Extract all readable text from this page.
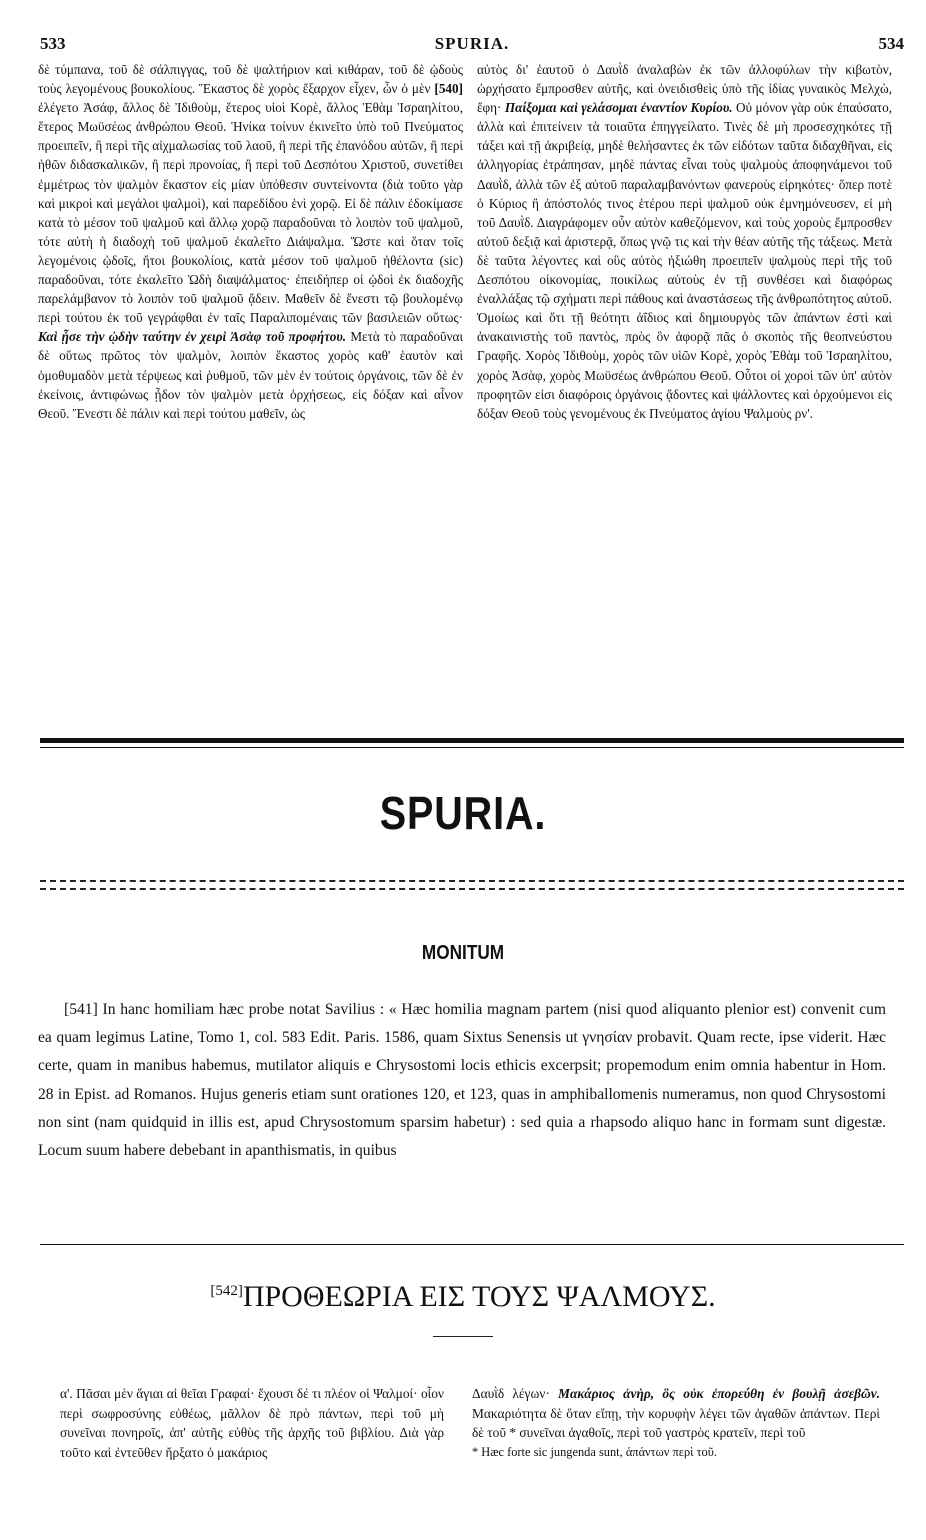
533	SPURIA.	534

δὲ τύμπανα, τοῦ δὲ σάλπιγγας, τοῦ δὲ ψαλτήριον καὶ κιθάραν, τοῦ δὲ ᾠδοὺς τοὺς λεγομένους βουκολίους. Ἕκαστος δὲ χορὸς ἔξαρχον εἶχεν, ὧν ὁ μὲν [540] ἐλέγετο Ἀσάφ, ἄλλος δὲ Ἰδιθοὺμ, ἕτερος υἱοὶ Κορὲ, ἄλλος Ἐθὰμ Ἰσραηλίτου, ἕτερος Μωϋσέως ἀνθρώπου Θεοῦ. Ἡνίκα τοίνυν ἐκινεῖτο ὑπὸ τοῦ Πνεύματος προειπεῖν, ἢ περὶ τῆς αἰχμαλωσίας τοῦ λαοῦ, ἢ περὶ τῆς ἐπανόδου αὐτῶν, ἢ περὶ ἠθῶν διδασκαλικῶν, ἢ περὶ προνοίας, ἢ περὶ τοῦ Δεσπότου Χριστοῦ, συνετίθει ἐμμέτρως τὸν ψαλμὸν ἕκαστον εἰς μίαν ὑπόθεσιν συντείνοντα (διὰ τοῦτο γὰρ καὶ μικροὶ καὶ μεγάλοι ψαλμοὶ), καὶ παρεδίδου ἑνὶ χορῷ. Εἰ δὲ πάλιν ἐδοκίμασε κατὰ τὸ μέσον τοῦ ψαλμοῦ καὶ ἄλλῳ χορῷ παραδοῦναι τὸ λοιπὸν τοῦ ψαλμοῦ, τότε αὐτὴ ἡ διαδοχὴ τοῦ ψαλμοῦ ἐκαλεῖτο Διάψαλμα. Ὥστε καὶ ὅταν τοῖς λεγομένοις ᾠδοῖς, ἤτοι βουκολίοις, κατὰ μέσον τοῦ ψαλμοῦ ἠθέλοντα (sic) παραδοῦναι, τότε ἐκαλεῖτο Ὠδὴ διαψάλματος· ἐπειδήπερ οἱ ᾠδοὶ ἐκ διαδοχῆς παρελάμβανον τὸ λοιπὸν τοῦ ψαλμοῦ ᾄδειν. Μαθεῖν δὲ ἔνεστι τῷ βουλομένῳ περὶ τούτου ἐκ τοῦ γεγράφθαι ἐν ταῖς Παραλιπομέναις τῶν βασιλειῶν οὕτως· Καὶ ᾖσε τὴν ᾠδὴν ταύτην ἐν χειρὶ Ἀσὰφ τοῦ προφήτου. Μετὰ τὸ παραδοῦναι δὲ οὕτως πρῶτος τὸν ψαλμὸν, λοιπὸν ἕκαστος χορὸς καθ' ἑαυτὸν καὶ ὁμοθυμαδὸν μετὰ τέρψεως καὶ ῥυθμοῦ, τῶν μὲν ἐν τούτοις ὀργάνοις, τῶν δὲ ἐν ἐκείνοις, ἀντιφώνως ᾖδον τὸν ψαλμὸν μετὰ ὀρχήσεως, εἰς δόξαν καὶ αἶνον Θεοῦ. Ἔνεστι δὲ πάλιν καὶ περὶ τούτου μαθεῖν, ὡς

αὐτὸς δι' ἑαυτοῦ ὁ Δαυῒδ ἀναλαβὼν ἐκ τῶν ἀλλοφύλων τὴν κιβωτὸν, ὠρχήσατο ἔμπροσθεν αὐτῆς, καὶ ὀνειδισθεὶς ὑπὸ τῆς ἰδίας γυναικὸς Μελχὼ, ἔφη· Παίξομαι καὶ γελάσομαι ἐναντίον Κυρίου. Οὐ μόνον γὰρ οὐκ ἐπαύσατο, ἀλλὰ καὶ ἐπιτείνειν τὰ τοιαῦτα ἐπηγγείλατο. Τινὲς δὲ μὴ προσεσχηκότες τῇ τάξει καὶ τῇ ἀκριβείᾳ, μηδὲ θελήσαντες ἐκ τῶν εἰδότων ταῦτα διδαχθῆναι, εἰς ἀλληγορίας ἐτράπησαν, μηδὲ πάντας εἶναι τοὺς ψαλμοὺς ἀποφηνάμενοι τοῦ Δαυῒδ, ἀλλὰ τῶν ἐξ αὐτοῦ παραλαμβανόντων φανεροὺς εἰρηκότες· ὅπερ ποτὲ ὁ Κύριος ἢ ἀπόστολός τινος ἑτέρου περὶ ψαλμοῦ οὐκ ἐμνημόνευσεν, εἰ μὴ τοῦ Δαυῒδ. Διαγράφομεν οὖν αὐτὸν καθεζόμενον, καὶ τοὺς χοροὺς ἔμπροσθεν αὐτοῦ δεξιᾷ καὶ ἀριστερᾷ, ὅπως γνῷ τις καὶ τὴν θέαν αὐτῆς τῆς τάξεως. Μετὰ δὲ ταῦτα λέγοντες καὶ οὓς αὐτὸς ἠξιώθη προειπεῖν ψαλμοὺς περὶ τῆς τοῦ Δεσπότου οἰκονομίας, ποικίλως αὐτοὺς ἐν τῇ συνθέσει καὶ διαφόρως ἐναλλάξας τῷ σχήματι περὶ πάθους καὶ ἀναστάσεως τῆς ἀνθρωπότητος αὐτοῦ. Ὁμοίως καὶ ὅτι τῇ θεότητι ἀΐδιος καὶ δημιουργὸς τῶν ἁπάντων ἐστὶ καὶ ἀνακαινιστὴς τοῦ παντὸς, πρὸς ὃν ἀφορᾷ πᾶς ὁ σκοπὸς τῆς θεοπνεύστου Γραφῆς. Χορὸς Ἰδιθοὺμ, χορὸς τῶν υἱῶν Κορὲ, χορὸς Ἐθὰμ τοῦ Ἰσραηλίτου, χορὸς Ἀσὰφ, χορὸς Μωϋσέως ἀνθρώπου Θεοῦ. Οὗτοι οἱ χοροὶ τῶν ὑπ' αὐτὸν προφητῶν εἰσι διαφόροις ὀργάνοις ᾄδοντες καὶ ψάλλοντες καὶ ὀρχούμενοι εἰς δόξαν Θεοῦ τοὺς γενομένους ἐκ Πνεύματος ἁγίου Ψαλμοὺς ρν'.

SPURIA.
MONITUM

[541] In hanc homiliam hæc probe notat Savilius : « Hæc homilia magnam partem (nisi quod aliquanto plenior est) convenit cum ea quam legimus Latine, Tomo 1, col. 583 Edit. Paris. 1586, quam Sixtus Senensis ut γνησίαν probavit. Quam recte, ipse viderit. Hæc certe, quam in manibus habemus, mutilator aliquis e Chrysostomi locis ethicis excerpsit; propemodum enim omnia habentur in Hom. 28 in Epist. ad Romanos. Hujus generis etiam sunt orationes 120, et 123, quas in amphiballomenis numeramus, non quod Chrysostomi non sint (nam quidquid in illis est, apud Chrysostomum sparsim habetur) : sed quia a rhapsodo aliquo hanc in formam sunt digestæ. Locum suum habere debebant in apanthismatis, in quibus

[542]ΠΡΟΘΕΩΡΙΑ ΕΙΣ ΤΟΥΣ ΨΑΛΜΟΥΣ.

α'. Πᾶσαι μὲν ἅγιαι αἱ θεῖαι Γραφαί· ἔχουσι δέ τι πλέον οἱ Ψαλμοί· οἷον περὶ σωφροσύνης εὐθέως, μᾶλλον δὲ πρὸ πάντων, περὶ τοῦ μὴ συνεῖναι πονηροῖς, ἀπ' αὐτῆς εὐθὺς τῆς ἀρχῆς τοῦ βιβλίου. Διὰ γὰρ τοῦτο καὶ ἐντεῦθεν ἤρξατο ὁ μακάριος

Δαυῒδ λέγων· Μακάριος ἀνὴρ, ὃς οὐκ ἐπορεύθη ἐν βουλῇ ἀσεβῶν. Μακαριότητα δὲ ὅταν εἴπῃ, τὴν κορυφὴν λέγει τῶν ἀγαθῶν ἁπάντων. Περὶ δὲ τοῦ * συνεῖναι ἀγαθοῖς, περὶ τοῦ γαστρὸς κρατεῖν, περὶ τοῦ

* Hæc forte sic jungenda sunt, ἁπάντων περὶ τοῦ.
